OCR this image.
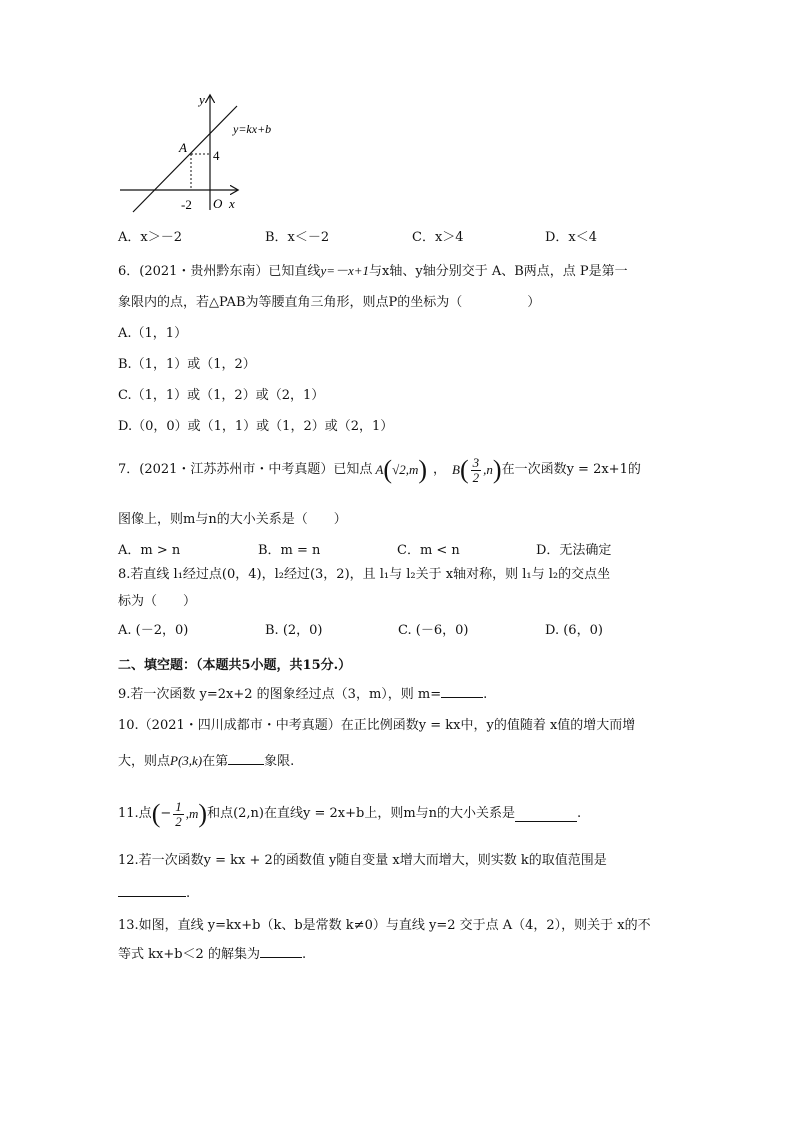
y
x
y=kx+b
A
4
-2 O
A．x＞－2	B．x＜－2	C．x＞4	D．x＜4
6．(2021・贵州黔东南）已知直线y=－x+1与x轴、y轴分别交于 A、B两点，点 P是第一
象限内的点，若△PAB为等腰直角三角形，则点P的坐标为（　　　　　）
A.（1，1）
B.（1，1）或（1，2）
C.（1，1）或（1，2）或（2，1）
D.（0，0）或（1，1）或（1，2）或（2，1）
7．(2021・江苏苏州市・中考真题）已知点 A ( √2,m ) ， B ( $\frac{3}{2} ,n$ ) 在一次函数y = 2x+1的
图像上，则m与n的大小关系是（　　）
A．m > n	B．m = n	C．m < n	D．无法确定
8.若直线 l₁经过点(0，4)，l₂经过(3，2)，且 l₁与 l₂关于 x轴对称，则 l₁与 l₂的交点坐
标为（　　）
A. (－2，0)	B. (2，0)	C. (－6，0)	D. (6，0)
二、填空题：（本题共5小题，共15分.）
9.若一次函数 y=2x+2 的图象经过点（3，m），则 m=	.
10.（2021・四川成都市・中考真题）在正比例函数y = kx中，y的值随着 x值的增大而增
大，则点P(3,k)在第	象限.
11.点 ( − $\frac{1}{2} ,m$ ) 和点(2,n)在直线y = 2x+b上，则m与n的大小关系是	.
12.若一次函数y = kx + 2的函数值 y随自变量 x增大而增大，则实数 k的取值范围是
.
13.如图，直线 y=kx+b（k、b是常数 k≠0）与直线 y=2 交于点 A（4，2），则关于 x的不
等式 kx+b＜2 的解集为	.
